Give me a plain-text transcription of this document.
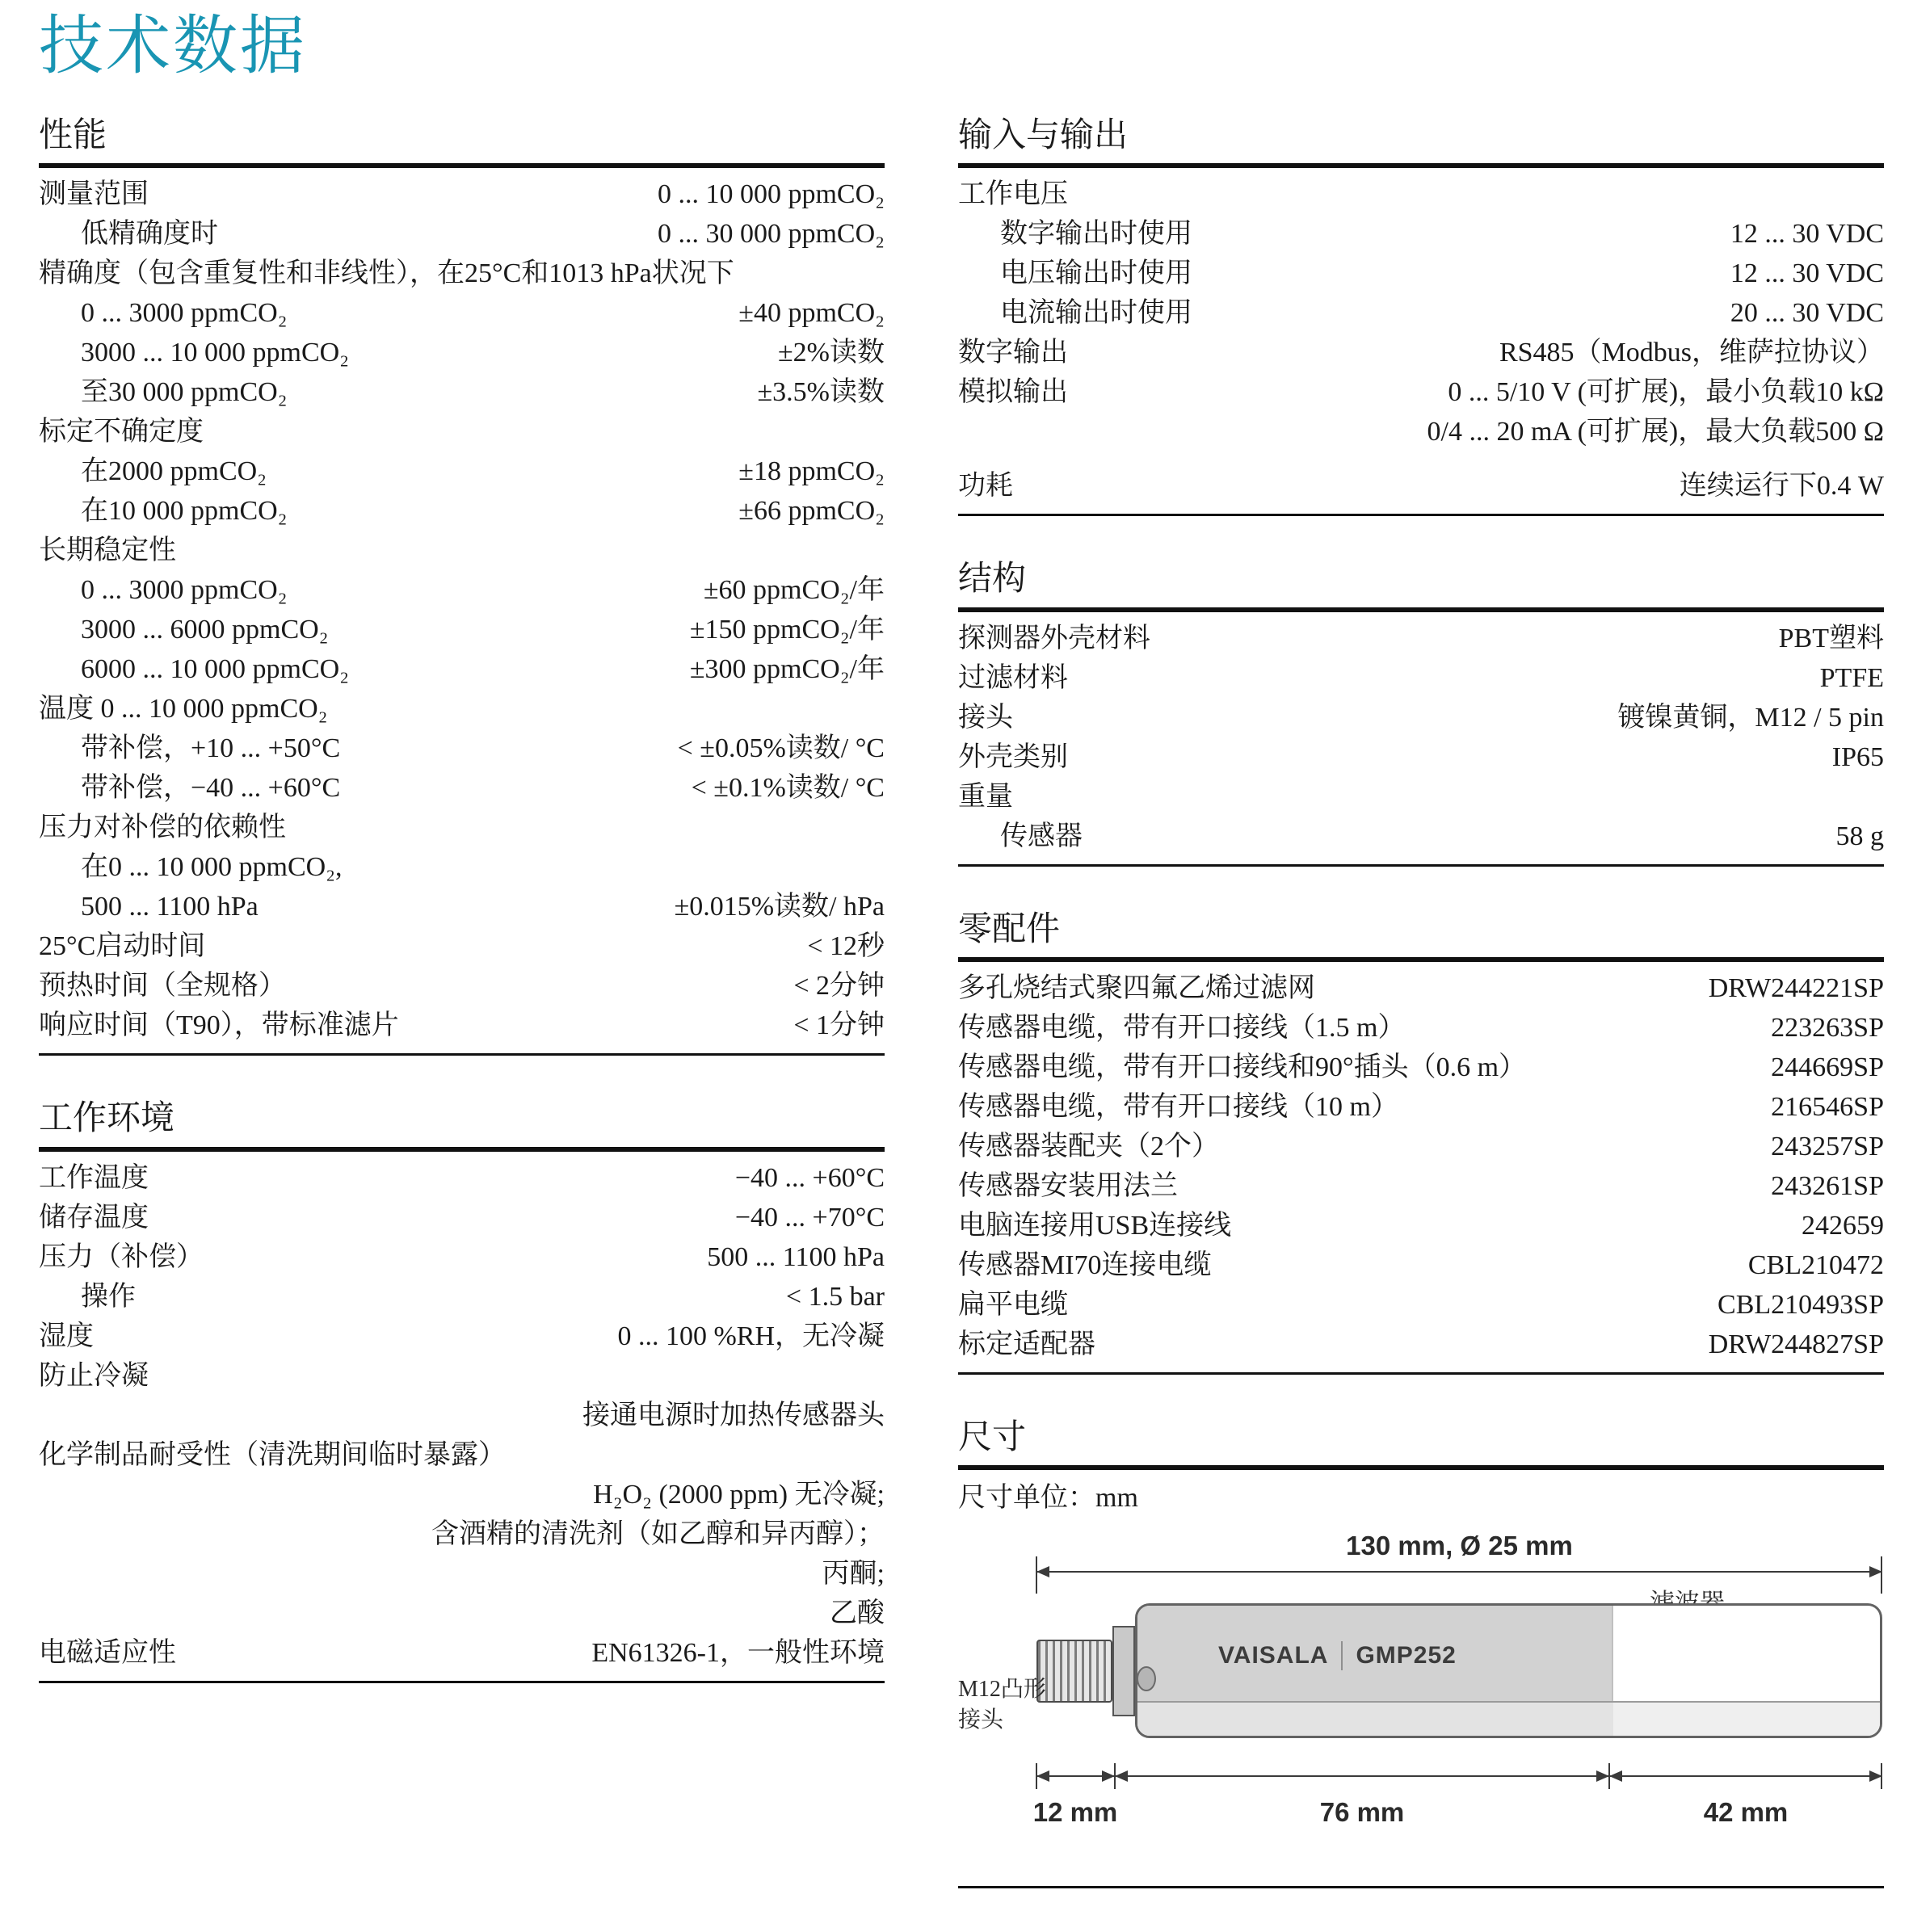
技术数据
性能
测量范围	0 ... 10 000 ppmCO₂
低精确度时	0 ... 30 000 ppmCO₂
精确度（包含重复性和非线性），在25°C和1013 hPa状况下
0 ... 3000 ppmCO₂	±40 ppmCO₂
3000 ... 10 000 ppmCO₂	±2%读数
至30 000 ppmCO₂	±3.5%读数
标定不确定度
在2000 ppmCO₂	±18 ppmCO₂
在10 000 ppmCO₂	±66 ppmCO₂
长期稳定性
0 ... 3000 ppmCO₂	±60 ppmCO₂/年
3000 ... 6000 ppmCO₂	±150 ppmCO₂/年
6000 ... 10 000 ppmCO₂	±300 ppmCO₂/年
温度 0 ... 10 000 ppmCO₂
带补偿，+10 ... +50°C	< ±0.05%读数/ °C
带补偿，−40 ... +60°C	< ±0.1%读数/ °C
压力对补偿的依赖性
在0 ... 10 000 ppmCO₂,
500 ... 1100 hPa	±0.015%读数/ hPa
25°C启动时间	< 12秒
预热时间（全规格）	< 2分钟
响应时间（T90），带标准滤片	< 1分钟
工作环境
工作温度	−40 ... +60°C
储存温度	−40 ... +70°C
压力（补偿）	500 ... 1100 hPa
操作	< 1.5 bar
湿度	0 ... 100 %RH，无冷凝
防止冷凝
接通电源时加热传感器头
化学制品耐受性（清洗期间临时暴露）
H₂O₂ (2000 ppm) 无冷凝;
含酒精的清洗剂（如乙醇和异丙醇）；
丙酮;
乙酸
电磁适应性	EN61326-1，一般性环境
输入与输出
工作电压
数字输出时使用	12 ... 30 VDC
电压输出时使用	12 ... 30 VDC
电流输出时使用	20 ... 30 VDC
数字输出	RS485（Modbus，维萨拉协议）
模拟输出	0 ... 5/10 V (可扩展)，最小负载10 kΩ
0/4 ... 20 mA (可扩展)，最大负载500 Ω
功耗	连续运行下0.4 W
结构
探测器外壳材料	PBT塑料
过滤材料	PTFE
接头	镀镍黄铜，M12 / 5 pin
外壳类别	IP65
重量
传感器	58 g
零配件
多孔烧结式聚四氟乙烯过滤网	DRW244221SP
传感器电缆，带有开口接线（1.5 m）	223263SP
传感器电缆，带有开口接线和90°插头（0.6 m）	244669SP
传感器电缆，带有开口接线（10 m）	216546SP
传感器装配夹（2个）	243257SP
传感器安装用法兰	243261SP
电脑连接用USB连接线	242659
传感器MI70连接电缆	CBL210472
扁平电缆	CBL210493SP
标定适配器	DRW244827SP
尺寸
尺寸单位：mm
130 mm, Ø 25 mm
VAISALA GMP252
M12凸形
接头
12 mm	76 mm	42 mm
